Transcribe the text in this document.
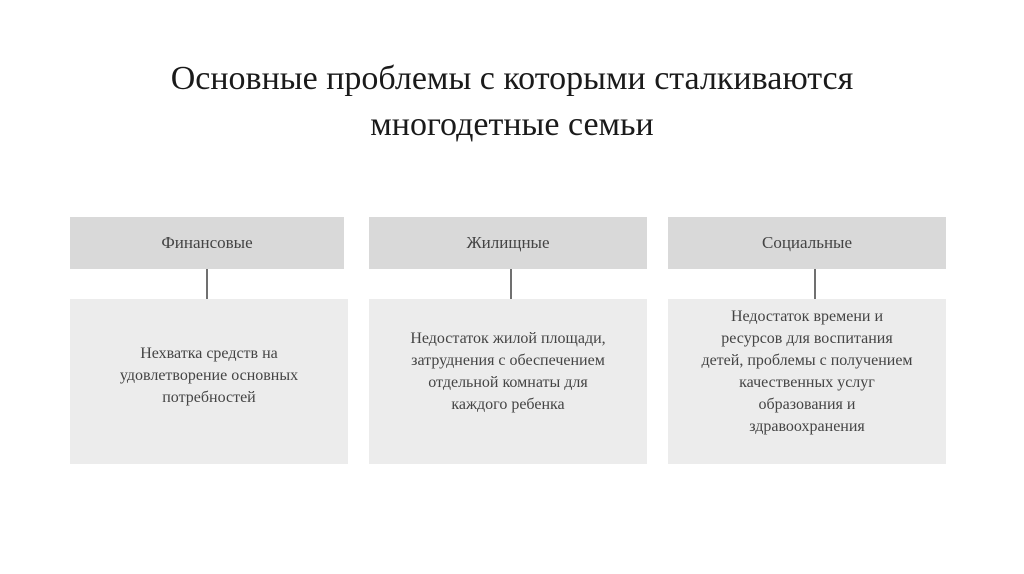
Основные проблемы с которыми сталкиваются
многодетные семьи
Финансовые
Нехватка средств на
удовлетворение основных
потребностей
Жилищные
Недостаток жилой площади,
затруднения с обеспечением
отдельной комнаты для
каждого ребенка
Социальные
Недостаток времени и
ресурсов для воспитания
детей, проблемы с получением
качественных услуг
образования и
здравоохранения
